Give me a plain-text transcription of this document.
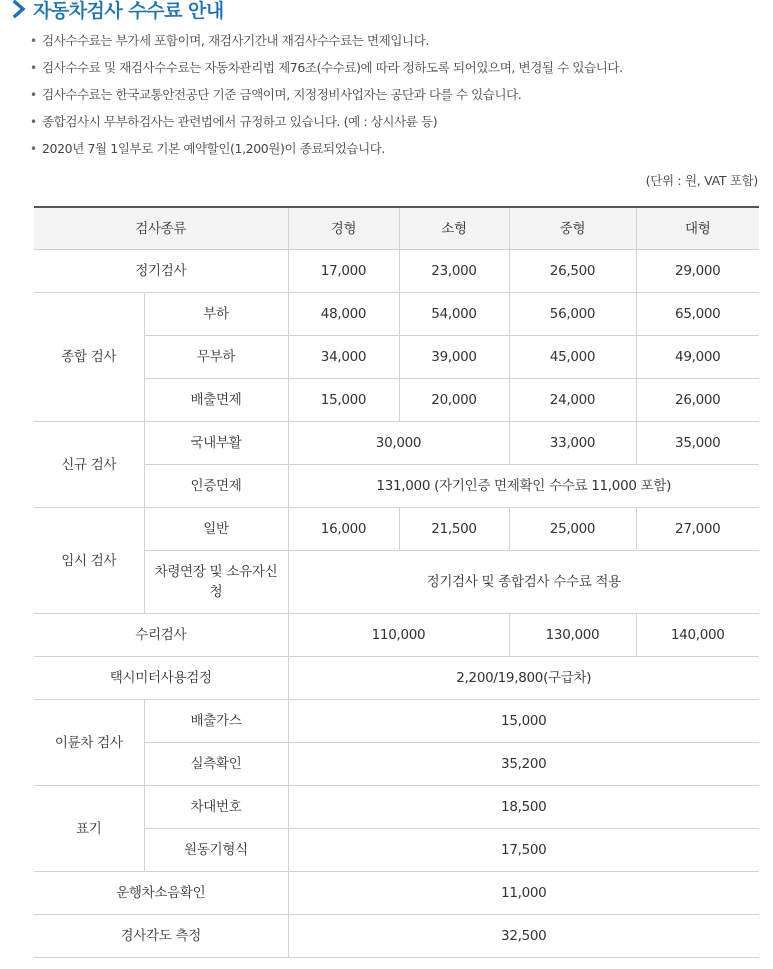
자동차검사 수수료 안내
• 검사수수료는 부가세 포함이며, 재검사기간내 재검사수수료는 면제입니다.
• 검사수수료 및 재검사수수료는 자동차관리법 제76조(수수료)에 따라 정하도록 되어있으며, 변경될 수 있습니다.
• 검사수수료는 한국교통안전공단 기준 금액이며, 지정정비사업자는 공단과 다를 수 있습니다.
• 종합검사시 무부하검사는 관련법에서 규정하고 있습니다. (예 : 상시사륜 등)
• 2020년 7월 1일부로 기본 예약할인(1,200원)이 종료되었습니다.
(단위 : 원, VAT 포함)
검사종류		경형	소형	중형	대형
정기검사		17,000	23,000	26,500	29,000
종합 검사	부하	48,000	54,000	56,000	65,000
	무부하	34,000	39,000	45,000	49,000
	배출면제	15,000	20,000	24,000	26,000
신규 검사	국내부활	30,000		33,000	35,000
	인증면제	131,000 (자기인증 면제확인 수수료 11,000 포함)			
임시 검사	일반	16,000	21,500	25,000	27,000
	차령연장 및 소유자신청	정기검사 및 종합검사 수수료 적용			
수리검사		110,000		130,000	140,000
택시미터사용검정		2,200/19,800(구급차)			
이륜차 검사	배출가스	15,000			
	실측확인	35,200			
표기	차대번호	18,500			
	원동기형식	17,500			
운행차소음확인		11,000			
경사각도 측정		32,500			
